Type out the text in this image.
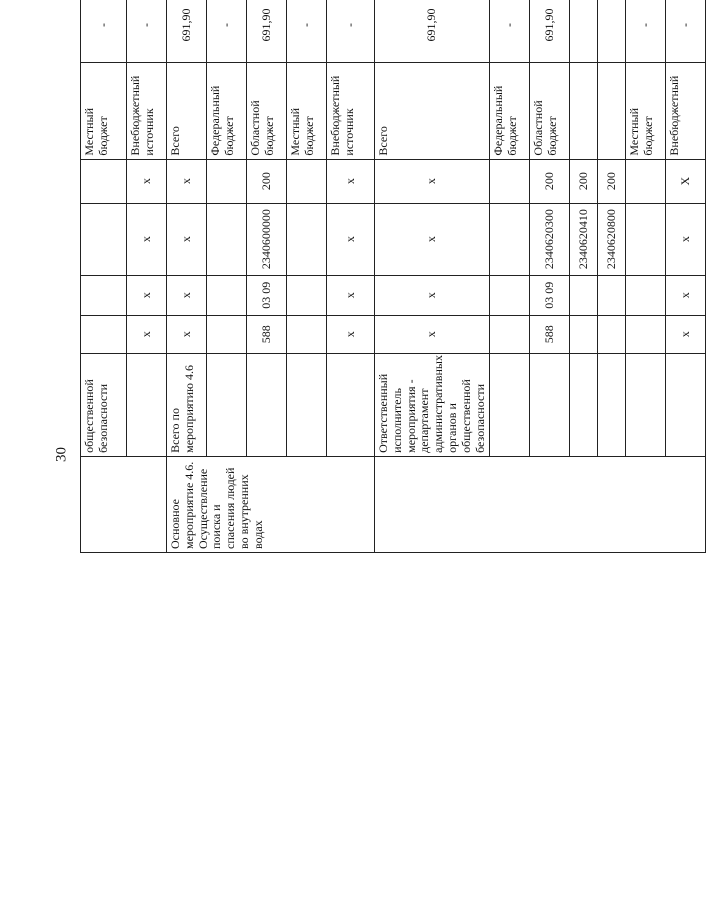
30
	общественной безопасности					Местный бюджет	-				
		x	x	x	x	Внебюджетный источник	-				
Основное мероприятие 4.6. Осуществление поиска и спасения людей во внутренних водах	Всего по мероприятию 4.6	x	x	x	x	Всего	691,90				
						Федеральный бюджет	-				
		588	03 09	2340600000	200	Областной бюджет	691,90				
						Местный бюджет	-				
		x	x	x	x	Внебюджетный источник	-				
	Ответственный исполнитель мероприятия - департамент административных органов и общественной безопасности	x	x	x	x	Всего	691,90				
						Федеральный бюджет	-				
		588	03 09	2340620300	200	Областной бюджет	691,90				
				2340620410	200						
				2340620800	200						
						Местный бюджет	-				
		x	x	x	X	Внебюджетный	-				
